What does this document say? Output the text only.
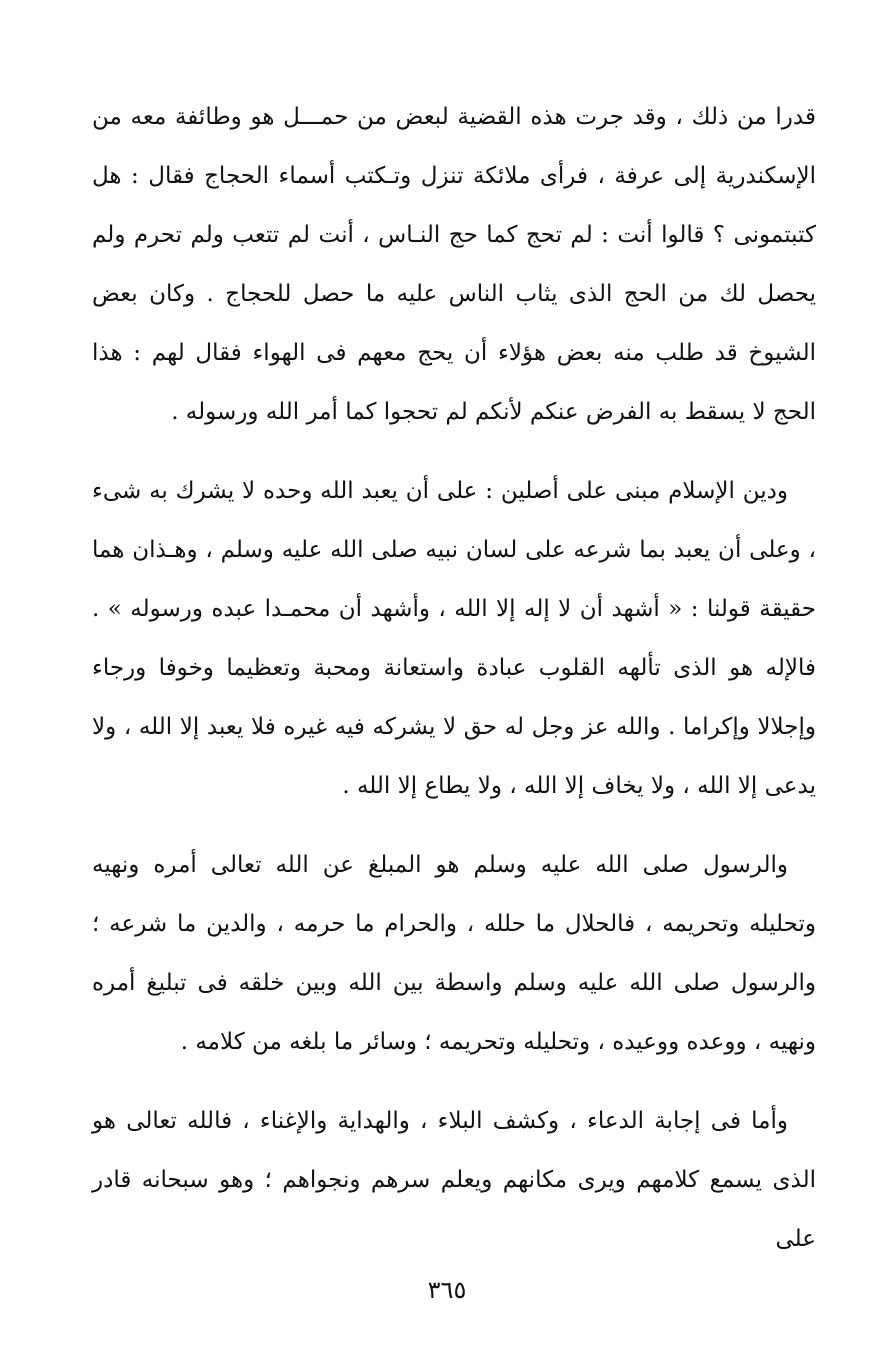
قدرا من ذلك ، وقد جرت هذه القضية لبعض من حمـــل هو وطائفة معه من الإسكندرية إلى عرفة ، فرأى ملائكة تنزل وتـكتب أسماء الحجاج فقال : هل كتبتمونى ؟ قالوا أنت : لم تحج كما حج النـاس ، أنت لم تتعب ولم تحرم ولم يحصل لك من الحج الذى يثاب الناس عليه ما حصل للحجاج . وكان بعض الشيوخ قد طلب منه بعض هؤلاء أن يحج معهم فى الهواء فقال لهم : هذا الحج لا يسقط به الفرض عنكم لأنكم لم تحجوا كما أمر الله ورسوله .

ودين الإسلام مبنى على أصلين : على أن يعبد الله وحده لا يشرك به شىء ، وعلى أن يعبد بما شرعه على لسان نبيه صلى الله عليه وسلم ، وهـذان هما حقيقة قولنا : « أشهد أن لا إله إلا الله ، وأشهد أن محمـدا عبده ورسوله » . فالإله هو الذى تألهه القلوب عبادة واستعانة ومحبة وتعظيما وخوفا ورجاء وإجلالا وإكراما . والله عز وجل له حق لا يشركه فيه غيره فلا يعبد إلا الله ، ولا يدعى إلا الله ، ولا يخاف إلا الله ، ولا يطاع إلا الله .

والرسول صلى الله عليه وسلم هو المبلغ عن الله تعالى أمره ونهيه وتحليله وتحريمه ، فالحلال ما حلله ، والحرام ما حرمه ، والدين ما شرعه ؛ والرسول صلى الله عليه وسلم واسطة بين الله وبين خلقه فى تبليغ أمره ونهيه ، ووعده ووعيده ، وتحليله وتحريمه ؛ وسائر ما بلغه من كلامه .

وأما فى إجابة الدعاء ، وكشف البلاء ، والهداية والإغناء ، فالله تعالى هو الذى يسمع كلامهم ويرى مكانهم ويعلم سرهم ونجواهم ؛ وهو سبحانه قادر على

٣٦٥
